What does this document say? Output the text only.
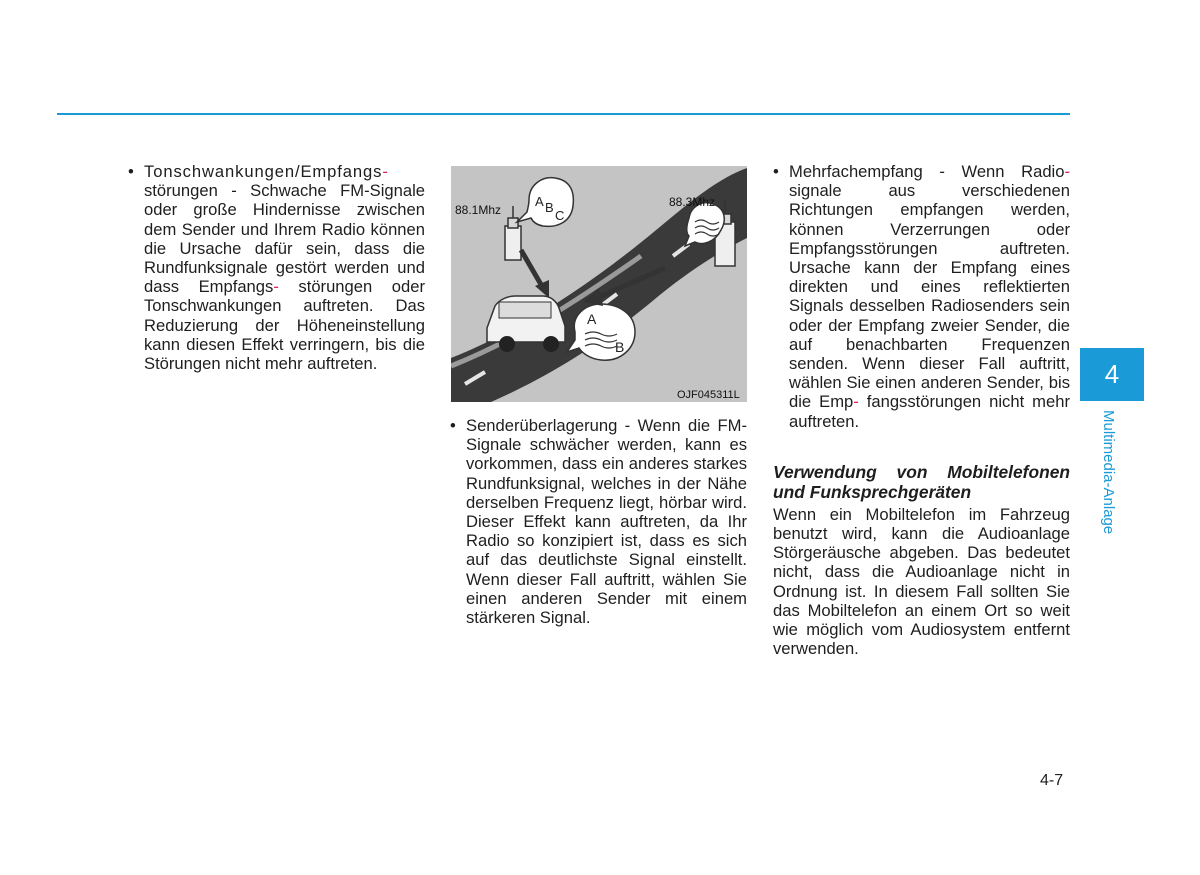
• Tonschwankungen/Empfangs- störungen - Schwache FM-Signale oder große Hindernisse zwischen dem Sender und Ihrem Radio können die Ursache dafür sein, dass die Rundfunksignale gestört werden und dass Empfangs- störungen oder Tonschwankungen auftreten. Das Reduzierung der Höheneinstellung kann diesen Effekt verringern, bis die Störungen nicht mehr auftreten.

A B
C
A
B
88.1Mhz
88.3Mhz
OJF045311L

• Senderüberlagerung - Wenn die FM-Signale schwächer werden, kann es vorkommen, dass ein anderes starkes Rundfunksignal, welches in der Nähe derselben Frequenz liegt, hörbar wird. Dieser Effekt kann auftreten, da Ihr Radio so konzipiert ist, dass es sich auf das deutlichste Signal einstellt. Wenn dieser Fall auftritt, wählen Sie einen anderen Sender mit einem stärkeren Signal.

• Mehrfachempfang - Wenn Radio- signale aus verschiedenen Richtungen empfangen werden, können Verzerrungen oder Empfangsstörungen auftreten. Ursache kann der Empfang eines direkten und eines reflektierten Signals desselben Radiosenders sein oder der Empfang zweier Sender, die auf benachbarten Frequenzen senden. Wenn dieser Fall auftritt, wählen Sie einen anderen Sender, bis die Emp- fangsstörungen nicht mehr auftreten.

Verwendung von Mobiltelefonen und Funksprechgeräten

Wenn ein Mobiltelefon im Fahrzeug benutzt wird, kann die Audioanlage Störgeräusche abgeben. Das bedeutet nicht, dass die Audioanlage nicht in Ordnung ist. In diesem Fall sollten Sie das Mobiltelefon an einem Ort so weit wie möglich vom Audiosystem entfernt verwenden.

4
Multimedia-Anlage
4-7
